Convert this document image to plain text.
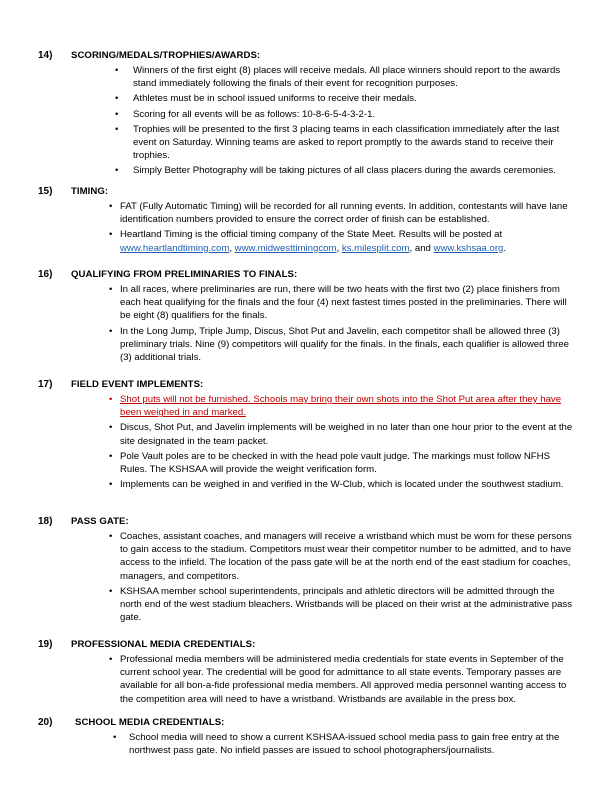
14) SCORING/MEDALS/TROPHIES/AWARDS:
• Winners of the first eight (8) places will receive medals. All place winners should report to the awards stand immediately following the finals of their event for recognition purposes.
• Athletes must be in school issued uniforms to receive their medals.
• Scoring for all events will be as follows: 10-8-6-5-4-3-2-1.
• Trophies will be presented to the first 3 placing teams in each classification immediately after the last event on Saturday. Winning teams are asked to report promptly to the awards stand to receive their trophies.
• Simply Better Photography will be taking pictures of all class placers during the awards ceremonies.
15) TIMING:
• FAT (Fully Automatic Timing) will be recorded for all running events. In addition, contestants will have lane identification numbers provided to ensure the correct order of finish can be established.
• Heartland Timing is the official timing company of the State Meet. Results will be posted at
www.heartlandtiming.com, www.midwesttimingcom, ks.milesplit.com, and www.kshsaa.org.
16) QUALIFYING FROM PRELIMINARIES TO FINALS:
• In all races, where preliminaries are run, there will be two heats with the first two (2) place finishers from each heat qualifying for the finals and the four (4) next fastest times posted in the preliminaries. There will be eight (8) qualifiers for the finals.
• In the Long Jump, Triple Jump, Discus, Shot Put and Javelin, each competitor shall be allowed three (3) preliminary trials. Nine (9) competitors will qualify for the finals. In the finals, each qualifier is allowed three (3) additional trials.
17) FIELD EVENT IMPLEMENTS:
• Shot puts will not be furnished. Schools may bring their own shots into the Shot Put area after they have been weighed in and marked.
• Discus, Shot Put, and Javelin implements will be weighed in no later than one hour prior to the event at the site designated in the team packet.
• Pole Vault poles are to be checked in with the head pole vault judge. The markings must follow NFHS Rules. The KSHSAA will provide the weight verification form.
• Implements can be weighed in and verified in the W-Club, which is located under the southwest stadium.
18) PASS GATE:
• Coaches, assistant coaches, and managers will receive a wristband which must be worn for these persons to gain access to the stadium. Competitors must wear their competitor number to be admitted, and to have access to the infield. The location of the pass gate will be at the north end of the east stadium for coaches, managers, and competitors.
• KSHSAA member school superintendents, principals and athletic directors will be admitted through the north end of the west stadium bleachers. Wristbands will be placed on their wrist at the administrative pass gate.
19) PROFESSIONAL MEDIA CREDENTIALS:
• Professional media members will be administered media credentials for state events in September of the current school year. The credential will be good for admittance to all state events. Temporary passes are available for all bon-a-fide professional media members. All approved media personnel wanting access to the competition area will need to have a wristband. Wristbands are available in the press box.
20) SCHOOL MEDIA CREDENTIALS:
• School media will need to show a current KSHSAA-issued school media pass to gain free entry at the northwest pass gate. No infield passes are issued to school photographers/journalists.
